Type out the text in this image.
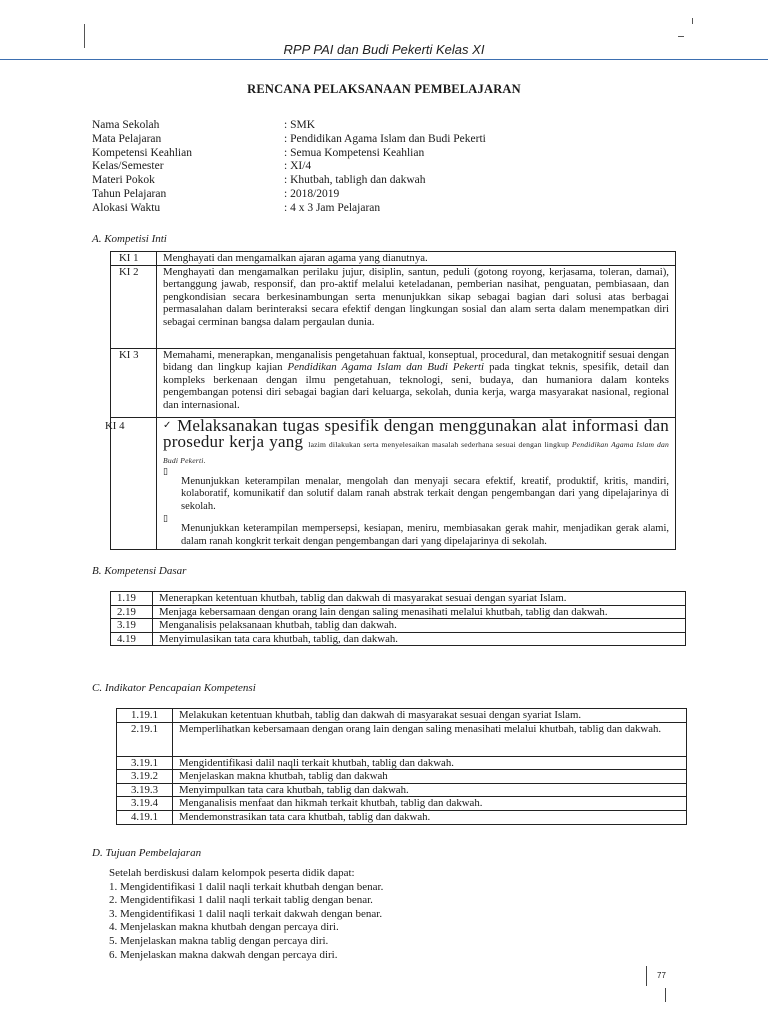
RPP PAI dan Budi Pekerti Kelas XI
RENCANA PELAKSANAAN PEMBELAJARAN
Nama Sekolah	: SMK
Mata Pelajaran	: Pendidikan Agama Islam dan Budi Pekerti
Kompetensi Keahlian	: Semua Kompetensi Keahlian
Kelas/Semester	: XI/4
Materi Pokok	: Khutbah, tabligh dan dakwah
Tahun Pelajaran	: 2018/2019
Alokasi Waktu	: 4 x 3 Jam Pelajaran
A. Kompetisi Inti
KI 1	Menghayati dan mengamalkan ajaran agama yang dianutnya.
KI 2	Menghayati dan mengamalkan perilaku jujur, disiplin, santun, peduli (gotong royong, kerjasama, toleran, damai), bertanggung jawab, responsif, dan pro-aktif melalui keteladanan, pemberian nasihat, penguatan, pembiasaan, dan pengkondisian secara berkesinambungan serta menunjukkan sikap sebagai bagian dari solusi atas berbagai permasalahan dalam berinteraksi secara efektif dengan lingkungan sosial dan alam serta dalam menempatkan diri sebagai cerminan bangsa dalam pergaulan dunia.
KI 3	Memahami, menerapkan, menganalisis pengetahuan faktual, konseptual, procedural, dan metakognitif sesuai dengan bidang dan lingkup kajian Pendidikan Agama Islam dan Budi Pekerti pada tingkat teknis, spesifik, detail dan kompleks berkenaan dengan ilmu pengetahuan, teknologi, seni, budaya, dan humaniora dalam konteks pengembangan potensi diri sebagai bagian dari keluarga, sekolah, dunia kerja, warga masyarakat nasional, regional dan internasional.

KI 4	✓ Melaksanakan tugas spesifik dengan menggunakan alat informasi dan prosedur kerja yang lazim dilakukan serta menyelesaikan masalah sederhana sesuai dengan lingkup Pendidikan Agama Islam dan Budi Pekerti.
▯
Menunjukkan keterampilan menalar, mengolah dan menyaji secara efektif, kreatif, produktif, kritis, mandiri, kolaboratif, komunikatif dan solutif dalam ranah abstrak terkait dengan pengembangan dari yang dipelajarinya di sekolah.
▯
Menunjukkan keterampilan mempersepsi, kesiapan, meniru, membiasakan gerak mahir, menjadikan gerak alami, dalam ranah kongkrit terkait dengan pengembangan dari yang dipelajarinya di sekolah.
B. Kompetensi Dasar
1.19	Menerapkan ketentuan khutbah, tablig dan dakwah di masyarakat sesuai dengan syariat Islam.
2.19	Menjaga kebersamaan dengan orang lain dengan saling menasihati melalui khutbah, tablig dan dakwah.
3.19	Menganalisis pelaksanaan khutbah, tablig dan dakwah.
4.19	Menyimulasikan tata cara khutbah, tablig, dan dakwah.
C. Indikator Pencapaian Kompetensi
1.19.1	Melakukan ketentuan khutbah, tablig dan dakwah di masyarakat sesuai dengan syariat Islam.
2.19.1	Memperlihatkan kebersamaan dengan orang lain dengan saling menasihati melalui khutbah, tablig dan dakwah.
3.19.1	Mengidentifikasi dalil naqli terkait khutbah, tablig dan dakwah.
3.19.2	Menjelaskan makna khutbah, tablig dan dakwah
3.19.3	Menyimpulkan tata cara khutbah, tablig dan dakwah.
3.19.4	Menganalisis menfaat dan hikmah terkait khutbah, tablig dan dakwah.
4.19.1	Mendemonstrasikan tata cara khutbah, tablig dan dakwah.
D. Tujuan Pembelajaran
Setelah berdiskusi dalam kelompok peserta didik dapat:
1. Mengidentifikasi 1 dalil naqli terkait khutbah dengan benar.
2. Mengidentifikasi 1 dalil naqli terkait tablig dengan benar.
3. Mengidentifikasi 1 dalil naqli terkait dakwah dengan benar.
4. Menjelaskan makna khutbah dengan percaya diri.
5. Menjelaskan makna tablig dengan percaya diri.
6. Menjelaskan makna dakwah dengan percaya diri.
77
